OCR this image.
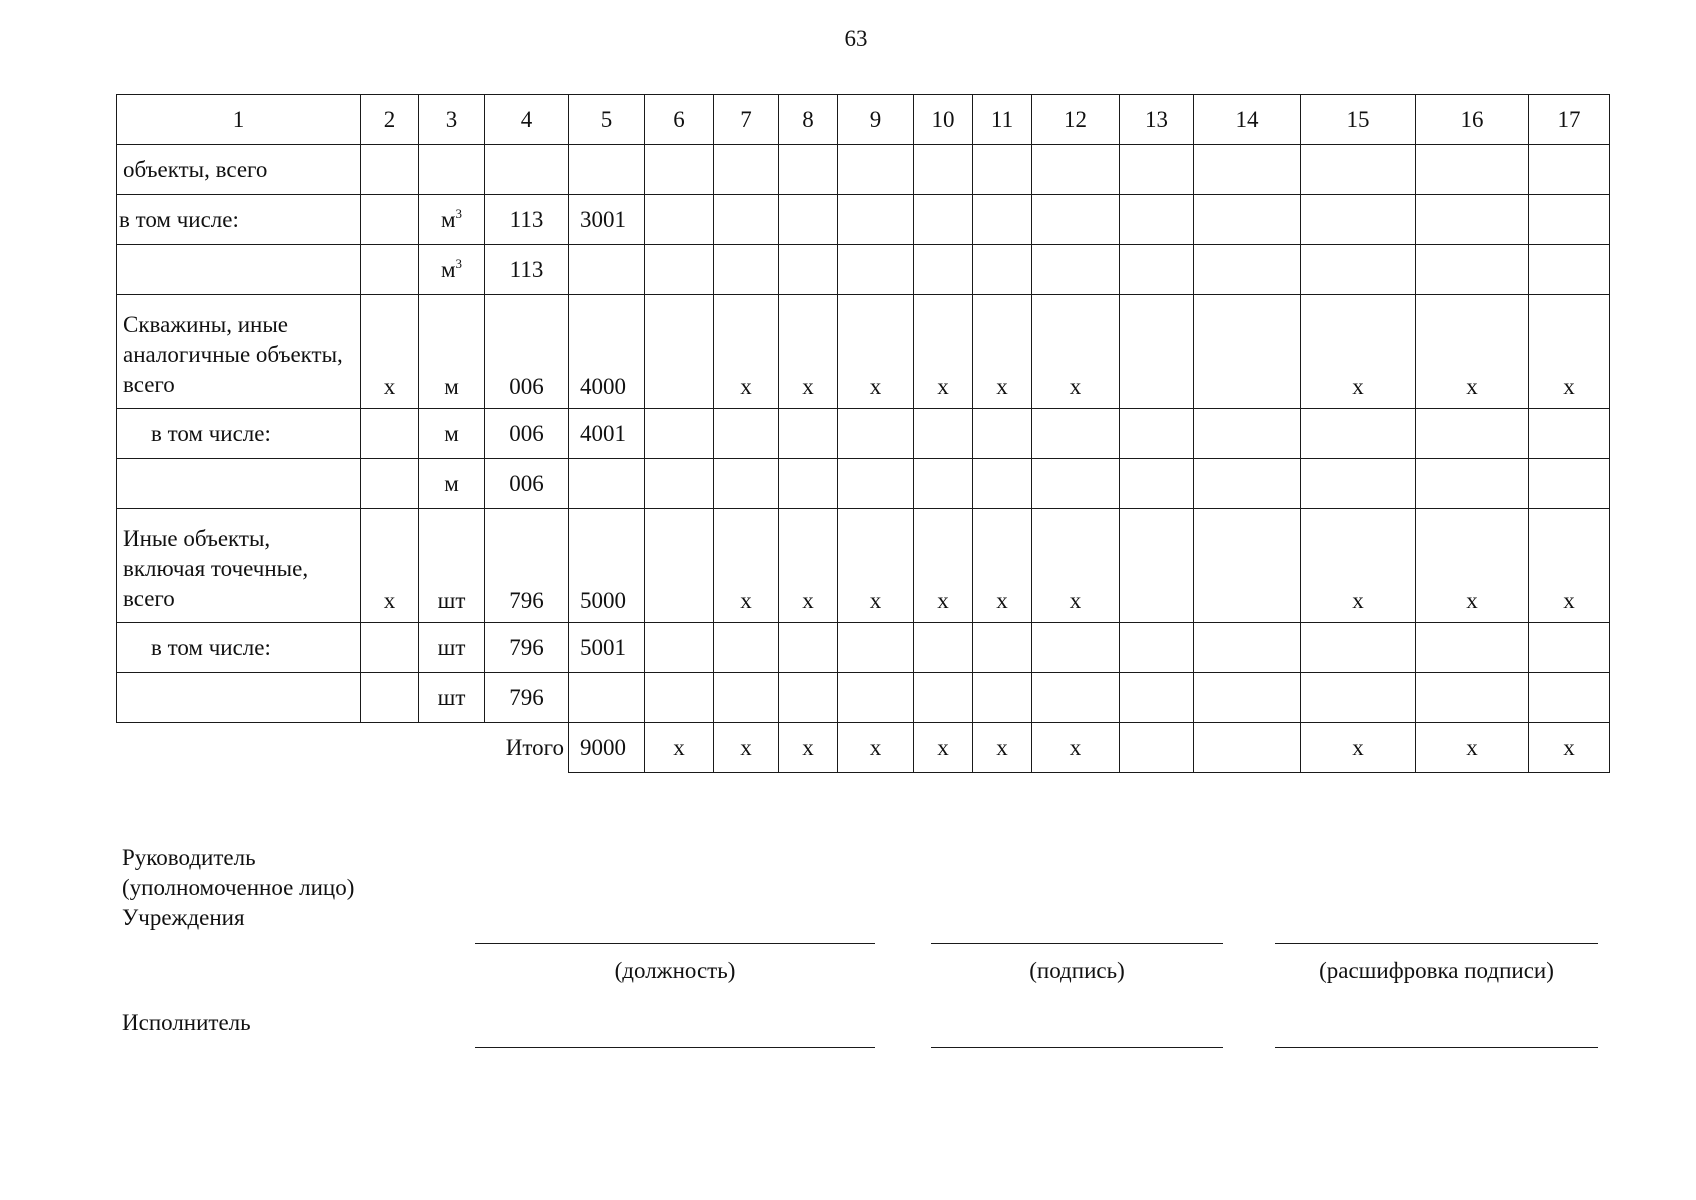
63
1	2	3	4	5	6	7	8	9	10	11	12	13	14	15	16	17
объекты, всего																
в том числе:		$м^3$	113	3001												
		$м^3$	113													
Скважины, иные аналогичные объекты, всего	x	м	006	4000		x	x	x	x	x	x			x	x	x
в том числе:		м	006	4001												
		м	006													
Иные объекты, включая точечные, всего	x	шт	796	5000		x	x	x	x	x	x			x	x	x
в том числе:		шт	796	5001												
		шт	796													
			Итого	9000	x	x	x	x	x	x	x			x	x	x
Руководитель
(уполномоченное лицо)
Учреждения
(должность)	(подпись)	(расшифровка подписи)
Исполнитель
